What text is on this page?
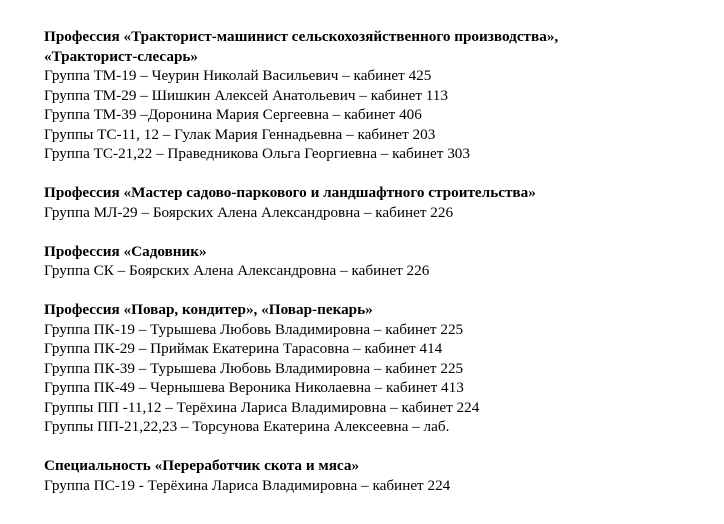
Профессия «Тракторист-машинист сельскохозяйственного производства»,

«Тракторист-слесарь»

Группа ТМ-19 – Чеурин Николай Васильевич – кабинет 425

Группа ТМ-29 – Шишкин Алексей Анатольевич – кабинет 113

Группа ТМ-39 –Доронина Мария Сергеевна – кабинет 406

Группы ТС-11, 12 – Гулак Мария Геннадьевна – кабинет 203

Группа ТС-21,22 – Праведникова Ольга Георгиевна – кабинет 303

Профессия «Мастер садово-паркового и ландшафтного строительства»

Группа МЛ-29 – Боярских Алена Александровна – кабинет 226

Профессия «Садовник»

Группа СК – Боярских Алена Александровна – кабинет 226

Профессия «Повар, кондитер», «Повар-пекарь»

Группа ПК-19 – Турышева Любовь Владимировна – кабинет 225

Группа ПК-29 – Приймак Екатерина Тарасовна – кабинет 414

Группа ПК-39 – Турышева Любовь Владимировна – кабинет 225

Группа ПК-49 – Чернышева Вероника Николаевна – кабинет 413

Группы ПП -11,12 – Терёхина Лариса Владимировна – кабинет 224

Группы ПП-21,22,23 – Торсунова Екатерина Алексеевна – лаб.

Специальность «Переработчик скота и мяса»

Группа ПС-19 - Терёхина Лариса Владимировна – кабинет 224
